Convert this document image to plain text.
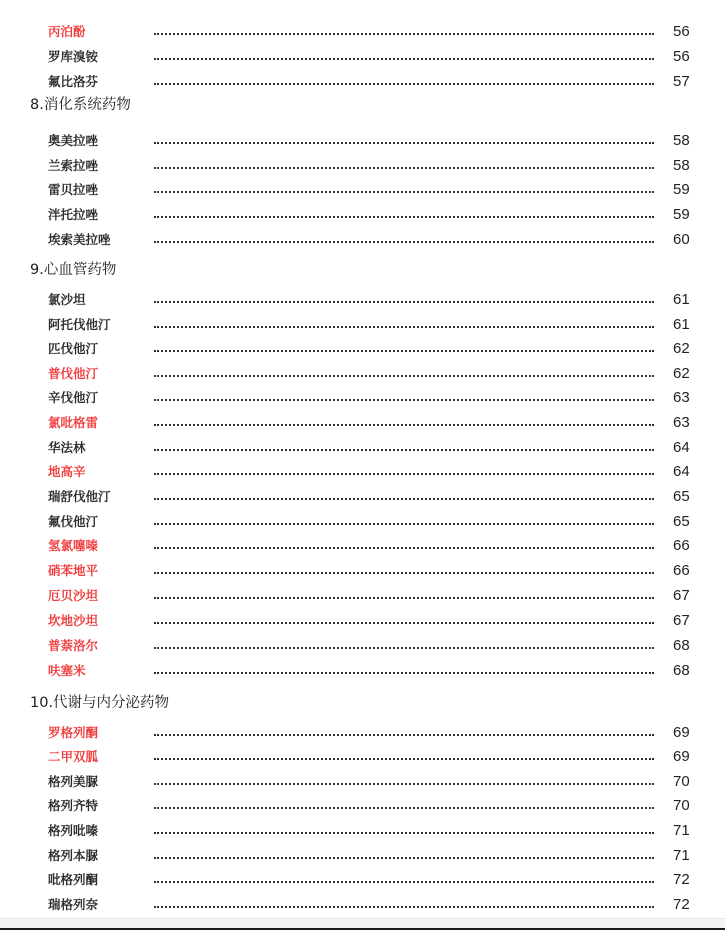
丙泊酚	56
罗库溴铵	56
氟比洛芬	57
8.消化系统药物
奥美拉唑	58
兰索拉唑	58
雷贝拉唑	59
泮托拉唑	59
埃索美拉唑	60
9.心血管药物
氯沙坦	61
阿托伐他汀	61
匹伐他汀	62
普伐他汀	62
辛伐他汀	63
氯吡格雷	63
华法林	64
地高辛	64
瑞舒伐他汀	65
氟伐他汀	65
氢氯噻嗪	66
硝苯地平	66
厄贝沙坦	67
坎地沙坦	67
普萘洛尔	68
呋塞米	68
10.代谢与内分泌药物
罗格列酮	69
二甲双胍	69
格列美脲	70
格列齐特	70
格列吡嗪	71
格列本脲	71
吡格列酮	72
瑞格列奈	72
